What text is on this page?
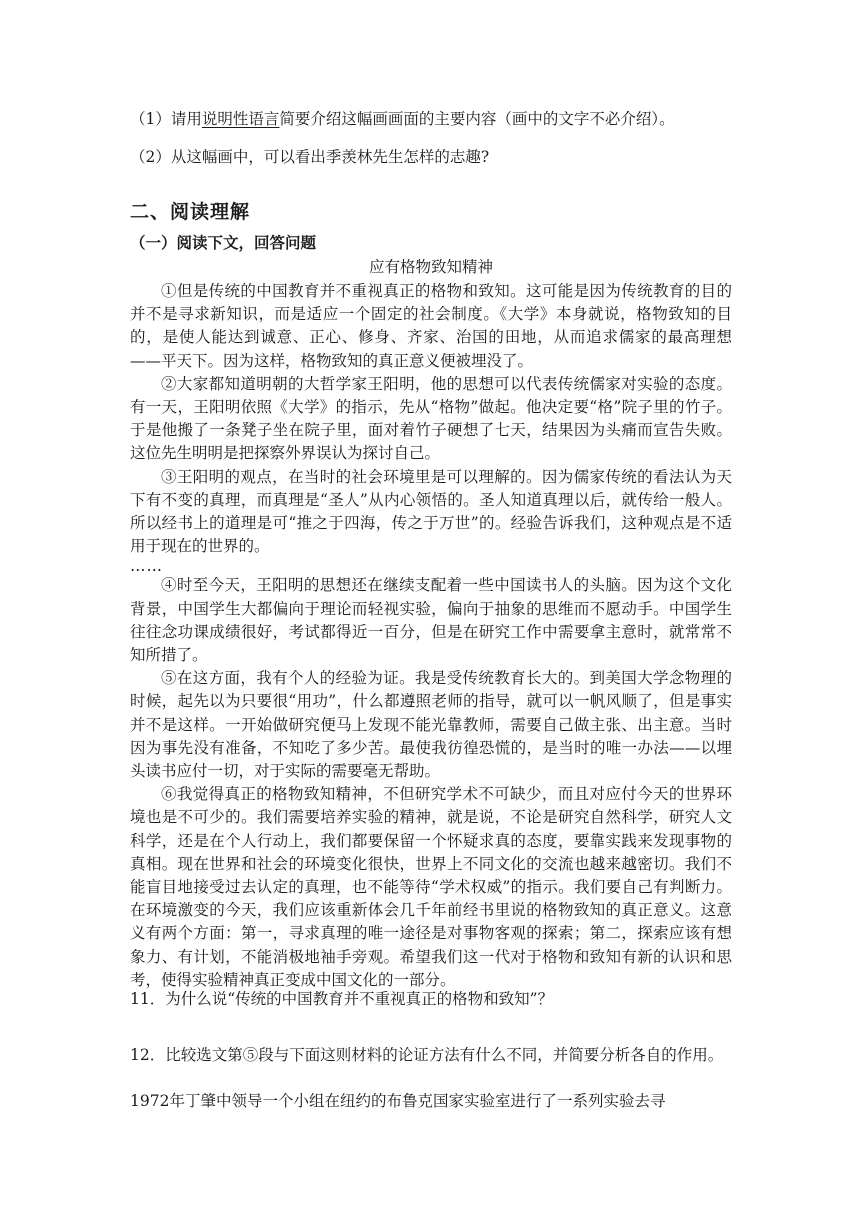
（1）请用说明性语言简要介绍这幅画画面的主要内容（画中的文字不必介绍）。
（2）从这幅画中，可以看出季羡林先生怎样的志趣?
二、阅读理解
（一）阅读下文，回答问题
应有格物致知精神

①但是传统的中国教育并不重视真正的格物和致知。这可能是因为传统教育的目的并不是寻求新知识，而是适应一个固定的社会制度。《大学》本身就说，格物致知的目的，是使人能达到诚意、正心、修身、齐家、治国的田地，从而追求儒家的最高理想——平天下。因为这样，格物致知的真正意义便被埋没了。

②大家都知道明朝的大哲学家王阳明，他的思想可以代表传统儒家对实验的态度。有一天，王阳明依照《大学》的指示，先从“格物”做起。他决定要“格”院子里的竹子。于是他搬了一条凳子坐在院子里，面对着竹子硬想了七天，结果因为头痛而宣告失败。这位先生明明是把探察外界误认为探讨自己。

③王阳明的观点，在当时的社会环境里是可以理解的。因为儒家传统的看法认为天下有不变的真理，而真理是“圣人”从内心领悟的。圣人知道真理以后，就传给一般人。所以经书上的道理是可“推之于四海，传之于万世”的。经验告诉我们，这种观点是不适用于现在的世界的。

……

④时至今天，王阳明的思想还在继续支配着一些中国读书人的头脑。因为这个文化背景，中国学生大都偏向于理论而轻视实验，偏向于抽象的思维而不愿动手。中国学生往往念功课成绩很好，考试都得近一百分，但是在研究工作中需要拿主意时，就常常不知所措了。

⑤在这方面，我有个人的经验为证。我是受传统教育长大的。到美国大学念物理的时候，起先以为只要很“用功”，什么都遵照老师的指导，就可以一帆风顺了，但是事实并不是这样。一开始做研究便马上发现不能光靠教师，需要自己做主张、出主意。当时因为事先没有准备，不知吃了多少苦。最使我彷徨恐慌的，是当时的唯一办法——以埋头读书应付一切，对于实际的需要毫无帮助。

⑥我觉得真正的格物致知精神，不但研究学术不可缺少，而且对应付今天的世界环境也是不可少的。我们需要培养实验的精神，就是说，不论是研究自然科学，研究人文科学，还是在个人行动上，我们都要保留一个怀疑求真的态度，要靠实践来发现事物的真相。现在世界和社会的环境变化很快，世界上不同文化的交流也越来越密切。我们不能盲目地接受过去认定的真理，也不能等待“学术权威”的指示。我们要自己有判断力。在环境激变的今天，我们应该重新体会几千年前经书里说的格物致知的真正意义。这意义有两个方面：第一，寻求真理的唯一途径是对事物客观的探索；第二，探索应该有想象力、有计划，不能消极地袖手旁观。希望我们这一代对于格物和致知有新的认识和思考，使得实验精神真正变成中国文化的一部分。

11．为什么说“传统的中国教育并不重视真正的格物和致知”？
12．比较选文第⑤段与下面这则材料的论证方法有什么不同，并简要分析各自的作用。
1972年丁肇中领导一个小组在纽约的布鲁克国家实验室进行了一系列实验去寻
